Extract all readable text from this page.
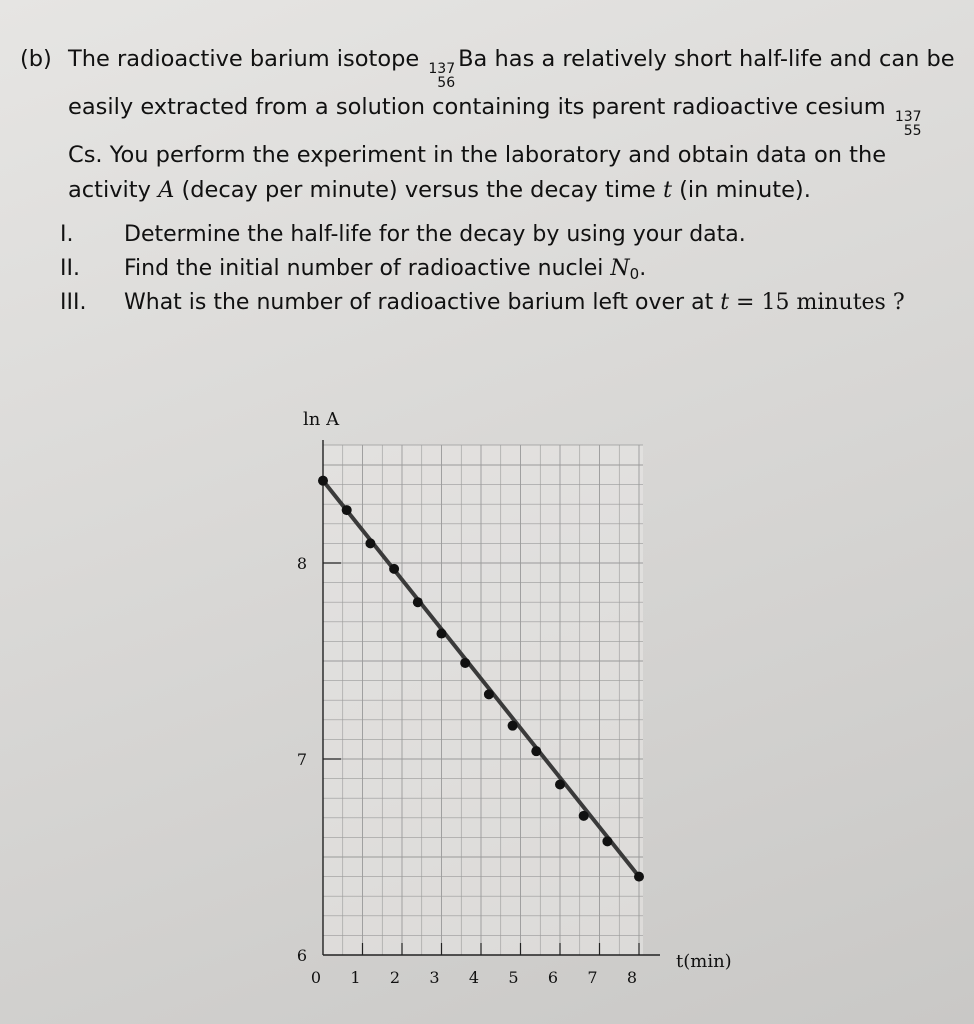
(b) The radioactive barium isotope 137
56
Ba has a relatively short half-life and can be easily extracted from a solution containing its parent radioactive cesium 137
55
Cs. You perform the experiment in the laboratory and obtain data on the activity A (decay per minute) versus the decay time t (in minute).
I. Determine the half-life for the decay by using your data.
II. Find the initial number of radioactive nuclei N0.
III. What is the number of radioactive barium left over at t = 15 minutes ?
0 1 2 3 4 5 6 7 8
6
7
8
ln A
t(min)
